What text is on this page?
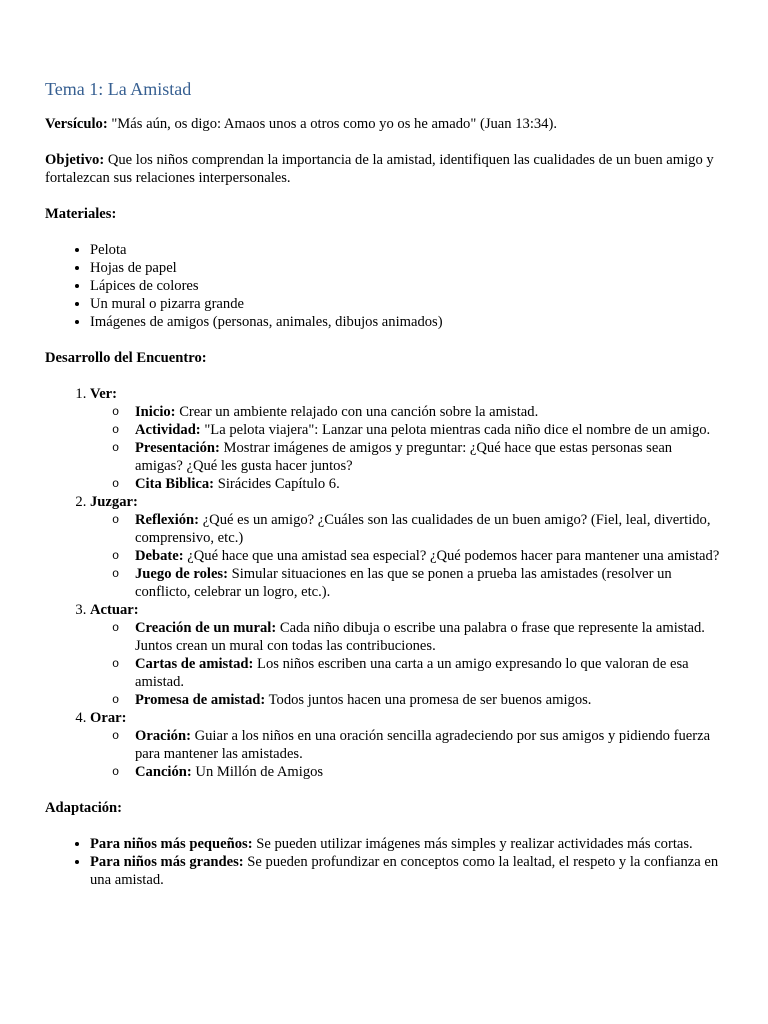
Tema 1: La Amistad

Versículo: "Más aún, os digo: Amaos unos a otros como yo os he amado" (Juan 13:34).

Objetivo: Que los niños comprendan la importancia de la amistad, identifiquen las cualidades de un buen amigo y fortalezcan sus relaciones interpersonales.

Materiales:

• Pelota
• Hojas de papel
• Lápices de colores
• Un mural o pizarra grande
• Imágenes de amigos (personas, animales, dibujos animados)

Desarrollo del Encuentro:

1. Ver:
o Inicio: Crear un ambiente relajado con una canción sobre la amistad.
o Actividad: "La pelota viajera": Lanzar una pelota mientras cada niño dice el nombre de un amigo.
o Presentación: Mostrar imágenes de amigos y preguntar: ¿Qué hace que estas personas sean amigas? ¿Qué les gusta hacer juntos?
o Cita Biblica: Sirácides Capítulo 6.
2. Juzgar:
o Reflexión: ¿Qué es un amigo? ¿Cuáles son las cualidades de un buen amigo? (Fiel, leal, divertido, comprensivo, etc.)
o Debate: ¿Qué hace que una amistad sea especial? ¿Qué podemos hacer para mantener una amistad?
o Juego de roles: Simular situaciones en las que se ponen a prueba las amistades (resolver un conflicto, celebrar un logro, etc.).
3. Actuar:
o Creación de un mural: Cada niño dibuja o escribe una palabra o frase que represente la amistad. Juntos crean un mural con todas las contribuciones.
o Cartas de amistad: Los niños escriben una carta a un amigo expresando lo que valoran de esa amistad.
o Promesa de amistad: Todos juntos hacen una promesa de ser buenos amigos.
4. Orar:
o Oración: Guiar a los niños en una oración sencilla agradeciendo por sus amigos y pidiendo fuerza para mantener las amistades.
o Canción: Un Millón de Amigos

Adaptación:

• Para niños más pequeños: Se pueden utilizar imágenes más simples y realizar actividades más cortas.
• Para niños más grandes: Se pueden profundizar en conceptos como la lealtad, el respeto y la confianza en una amistad.
